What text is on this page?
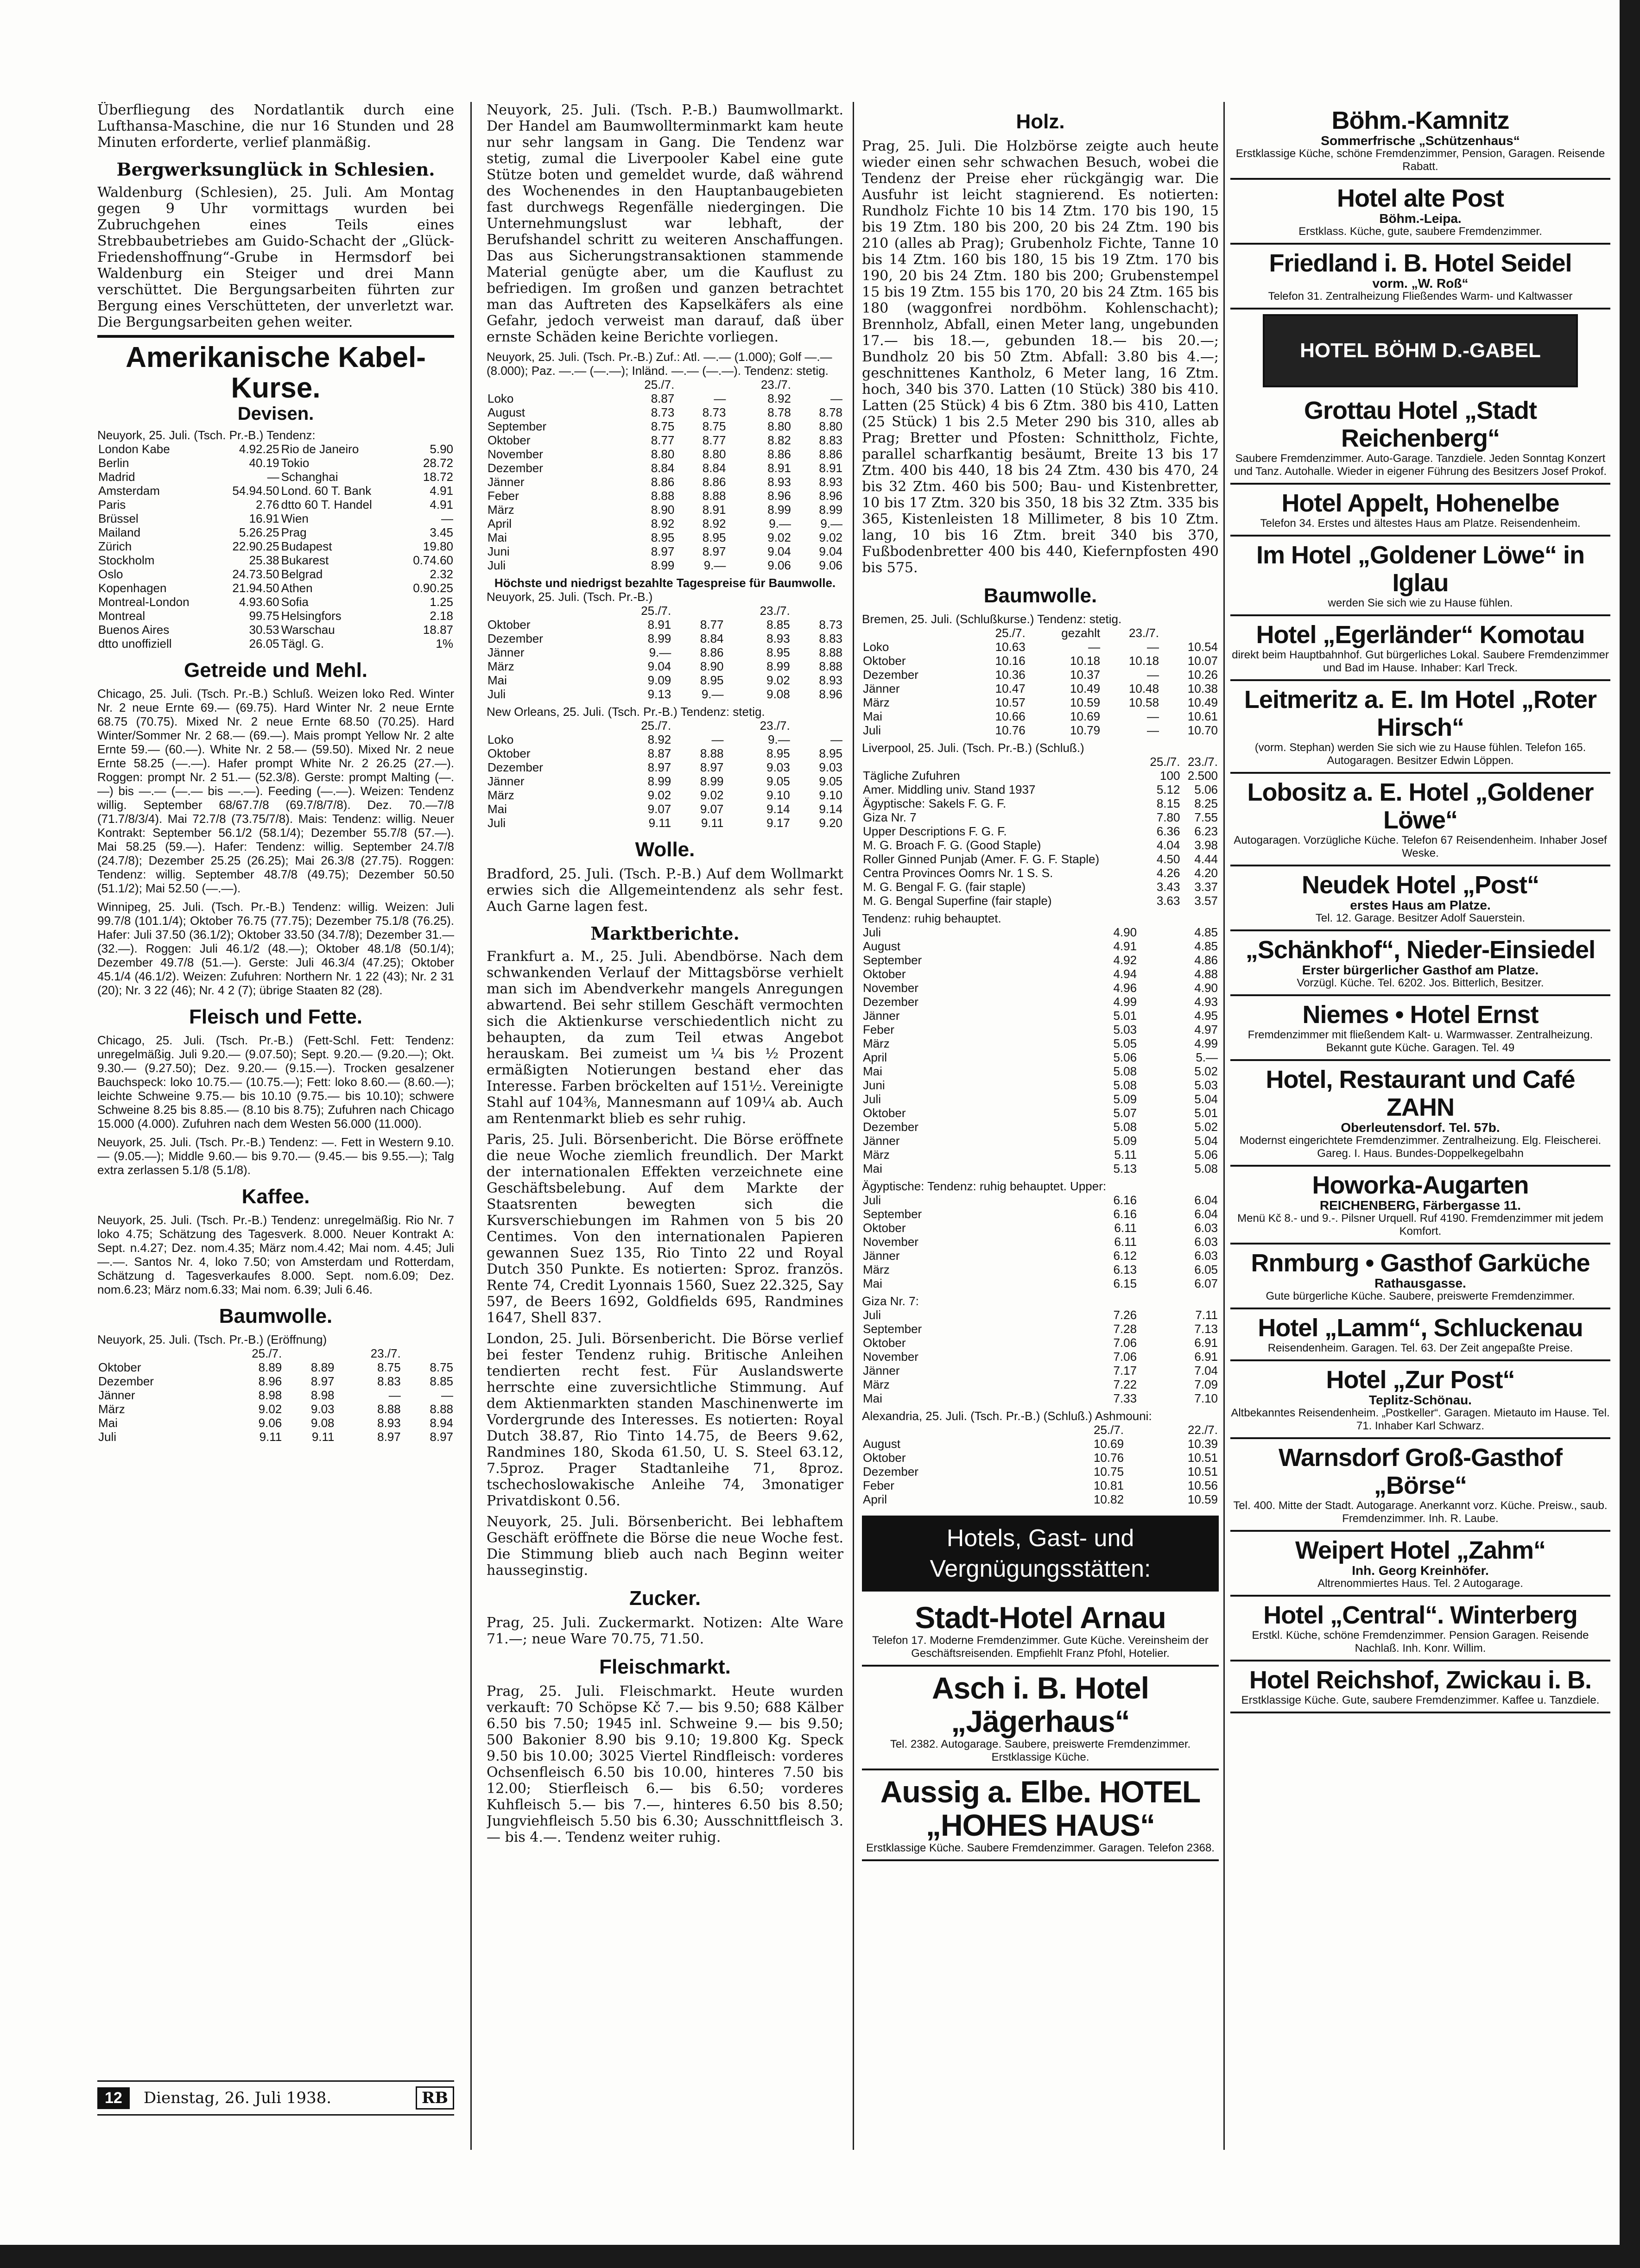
Überfliegung des Nordatlantik durch eine Lufthansa-Maschine, die nur 16 Stunden und 28 Minuten erforderte, verlief planmäßig.

Bergwerksunglück in Schlesien.

Waldenburg (Schlesien), 25. Juli. Am Montag gegen 9 Uhr vormittags wurden bei Zubruchgehen eines Teils eines Strebbaubetriebes am Guido-Schacht der „Glück-Friedenshoffnung“-Grube in Hermsdorf bei Waldenburg ein Steiger und drei Mann verschüttet. Die Bergungsarbeiten führten zur Bergung eines Verschütteten, der unverletzt war. Die Bergungsarbeiten gehen weiter.

Amerikanische Kabel-Kurse.
Devisen.
Neuyork, 25. Juli. (Tsch. Pr.-B.) Tendenz:
London Kabe	4.92.25	Rio de Janeiro	5.90
Berlin	40.19	Tokio	28.72
Madrid	—	Schanghai	18.72
Amsterdam	54.94.50	Lond. 60 T. Bank	4.91
Paris	2.76	dtto 60 T. Handel	4.91
Brüssel	16.91	Wien	—
Mailand	5.26.25	Prag	3.45
Zürich	22.90.25	Budapest	19.80
Stockholm	25.38	Bukarest	0.74.60
Oslo	24.73.50	Belgrad	2.32
Kopenhagen	21.94.50	Athen	0.90.25
Montreal-London	4.93.60	Sofia	1.25
Montreal	99.75	Helsingfors	2.18
Buenos Aires	30.53	Warschau	18.87
dtto unoffiziell	26.05	Tägl. G.	1%
Getreide und Mehl.

Chicago, 25. Juli. (Tsch. Pr.-B.) Schluß. Weizen loko Red. Winter Nr. 2 neue Ernte 69.— (69.75). Hard Winter Nr. 2 neue Ernte 68.75 (70.75). Mixed Nr. 2 neue Ernte 68.50 (70.25). Hard Winter/Sommer Nr. 2 68.— (69.—). Mais prompt Yellow Nr. 2 alte Ernte 59.— (60.—). White Nr. 2 58.— (59.50). Mixed Nr. 2 neue Ernte 58.25 (—.—). Hafer prompt White Nr. 2 26.25 (27.—). Roggen: prompt Nr. 2 51.— (52.3/8). Gerste: prompt Malting (—.—) bis —.— (—.— bis —.—). Feeding (—.—). Weizen: Tendenz willig. September 68/67.7/8 (69.7/8/7/8). Dez. 70.—7/8 (71.7/8/3/4). Mai 72.7/8 (73.75/7/8). Mais: Tendenz: willig. Neuer Kontrakt: September 56.1/2 (58.1/4); Dezember 55.7/8 (57.—). Mai 58.25 (59.—). Hafer: Tendenz: willig. September 24.7/8 (24.7/8); Dezember 25.25 (26.25); Mai 26.3/8 (27.75). Roggen: Tendenz: willig. September 48.7/8 (49.75); Dezember 50.50 (51.1/2); Mai 52.50 (—.—).

Winnipeg, 25. Juli. (Tsch. Pr.-B.) Tendenz: willig. Weizen: Juli 99.7/8 (101.1/4); Oktober 76.75 (77.75); Dezember 75.1/8 (76.25). Hafer: Juli 37.50 (36.1/2); Oktober 33.50 (34.7/8); Dezember 31.— (32.—). Roggen: Juli 46.1/2 (48.—); Oktober 48.1/8 (50.1/4); Dezember 49.7/8 (51.—). Gerste: Juli 46.3/4 (47.25); Oktober 45.1/4 (46.1/2). Weizen: Zufuhren: Northern Nr. 1 22 (43); Nr. 2 31 (20); Nr. 3 22 (46); Nr. 4 2 (7); übrige Staaten 82 (28).

Fleisch und Fette.

Chicago, 25. Juli. (Tsch. Pr.-B.) (Fett-Schl. Fett: Tendenz: unregelmäßig. Juli 9.20.— (9.07.50); Sept. 9.20.— (9.20.—); Okt. 9.30.— (9.27.50); Dez. 9.20.— (9.15.—). Trocken gesalzener Bauchspeck: loko 10.75.— (10.75.—); Fett: loko 8.60.— (8.60.—); leichte Schweine 9.75.— bis 10.10 (9.75.— bis 10.10); schwere Schweine 8.25 bis 8.85.— (8.10 bis 8.75); Zufuhren nach Chicago 15.000 (4.000). Zufuhren nach dem Westen 56.000 (11.000).

Neuyork, 25. Juli. (Tsch. Pr.-B.) Tendenz: —. Fett in Western 9.10.— (9.05.—); Middle 9.60.— bis 9.70.— (9.45.— bis 9.55.—); Talg extra zerlassen 5.1/8 (5.1/8).

Kaffee.

Neuyork, 25. Juli. (Tsch. Pr.-B.) Tendenz: unregelmäßig. Rio Nr. 7 loko 4.75; Schätzung des Tagesverk. 8.000. Neuer Kontrakt A: Sept. n.4.27; Dez. nom.4.35; März nom.4.42; Mai nom. 4.45; Juli —.—. Santos Nr. 4, loko 7.50; von Amsterdam und Rotterdam, Schätzung d. Tagesverkaufes 8.000. Sept. nom.6.09; Dez. nom.6.23; März nom.6.33; Mai nom. 6.39; Juli 6.46.

Baumwolle.
Neuyork, 25. Juli. (Tsch. Pr.-B.) (Eröffnung)
	25./7.		23./7.	
Oktober	8.89	8.89	8.75	8.75
Dezember	8.96	8.97	8.83	8.85
Jänner	8.98	8.98	—	—
März	9.02	9.03	8.88	8.88
Mai	9.06	9.08	8.93	8.94
Juli	9.11	9.11	8.97	8.97

Neuyork, 25. Juli. (Tsch. P.-B.) Baumwollmarkt. Der Handel am Baumwollterminmarkt kam heute nur sehr langsam in Gang. Die Tendenz war stetig, zumal die Liverpooler Kabel eine gute Stütze boten und gemeldet wurde, daß während des Wochenendes in den Hauptanbaugebieten fast durchwegs Regenfälle niedergingen. Die Unternehmungslust war lebhaft, der Berufshandel schritt zu weiteren Anschaffungen. Das aus Sicherungstransaktionen stammende Material genügte aber, um die Kauflust zu befriedigen. Im großen und ganzen betrachtet man das Auftreten des Kapselkäfers als eine Gefahr, jedoch verweist man darauf, daß über ernste Schäden keine Berichte vorliegen.

Neuyork, 25. Juli. (Tsch. Pr.-B.) Zuf.: Atl. —.— (1.000); Golf —.— (8.000); Paz. —.— (—.—); Inländ. —.— (—.—). Tendenz: stetig.
	25./7.		23./7.	
Loko	8.87	—	8.92	—
August	8.73	8.73	8.78	8.78
September	8.75	8.75	8.80	8.80
Oktober	8.77	8.77	8.82	8.83
November	8.80	8.80	8.86	8.86
Dezember	8.84	8.84	8.91	8.91
Jänner	8.86	8.86	8.93	8.93
Feber	8.88	8.88	8.96	8.96
März	8.90	8.91	8.99	8.99
April	8.92	8.92	9.—	9.—
Mai	8.95	8.95	9.02	9.02
Juni	8.97	8.97	9.04	9.04
Juli	8.99	9.—	9.06	9.06
Höchste und niedrigst bezahlte Tagespreise für Baumwolle.
Neuyork, 25. Juli. (Tsch. Pr.-B.)
	25./7.		23./7.	
Oktober	8.91	8.77	8.85	8.73
Dezember	8.99	8.84	8.93	8.83
Jänner	9.—	8.86	8.95	8.88
März	9.04	8.90	8.99	8.88
Mai	9.09	8.95	9.02	8.93
Juli	9.13	9.—	9.08	8.96
New Orleans, 25. Juli. (Tsch. Pr.-B.) Tendenz: stetig.
	25./7.		23./7.	
Loko	8.92	—	9.—	—
Oktober	8.87	8.88	8.95	8.95
Dezember	8.97	8.97	9.03	9.03
Jänner	8.99	8.99	9.05	9.05
März	9.02	9.02	9.10	9.10
Mai	9.07	9.07	9.14	9.14
Juli	9.11	9.11	9.17	9.20
Wolle.

Bradford, 25. Juli. (Tsch. P.-B.) Auf dem Wollmarkt erwies sich die Allgemeintendenz als sehr fest. Auch Garne lagen fest.

Marktberichte.

Frankfurt a. M., 25. Juli. Abendbörse. Nach dem schwankenden Verlauf der Mittagsbörse verhielt man sich im Abendverkehr mangels Anregungen abwartend. Bei sehr stillem Geschäft vermochten sich die Aktienkurse verschiedentlich nicht zu behaupten, da zum Teil etwas Angebot herauskam. Bei zumeist um ¼ bis ½ Prozent ermäßigten Notierungen bestand eher das Interesse. Farben bröckelten auf 151½. Vereinigte Stahl auf 104⅜, Mannesmann auf 109¼ ab. Auch am Rentenmarkt blieb es sehr ruhig.

Paris, 25. Juli. Börsenbericht. Die Börse eröffnete die neue Woche ziemlich freundlich. Der Markt der internationalen Effekten verzeichnete eine Geschäftsbelebung. Auf dem Markte der Staatsrenten bewegten sich die Kursverschiebungen im Rahmen von 5 bis 20 Centimes. Von den internationalen Papieren gewannen Suez 135, Rio Tinto 22 und Royal Dutch 350 Punkte. Es notierten: Sproz. französ. Rente 74, Credit Lyonnais 1560, Suez 22.325, Say 597, de Beers 1692, Goldfields 695, Randmines 1647, Shell 837.

London, 25. Juli. Börsenbericht. Die Börse verlief bei fester Tendenz ruhig. Britische Anleihen tendierten recht fest. Für Auslandswerte herrschte eine zuversichtliche Stimmung. Auf dem Aktienmarkten standen Maschinenwerte im Vordergrunde des Interesses. Es notierten: Royal Dutch 38.87, Rio Tinto 14.75, de Beers 9.62, Randmines 180, Skoda 61.50, U. S. Steel 63.12, 7.5proz. Prager Stadtanleihe 71, 8proz. tschechoslowakische Anleihe 74, 3monatiger Privatdiskont 0.56.

Neuyork, 25. Juli. Börsenbericht. Bei lebhaftem Geschäft eröffnete die Börse die neue Woche fest. Die Stimmung blieb auch nach Beginn weiter hausseginstig.

Zucker.

Prag, 25. Juli. Zuckermarkt. Notizen: Alte Ware 71.—; neue Ware 70.75, 71.50.

Fleischmarkt.

Prag, 25. Juli. Fleischmarkt. Heute wurden verkauft: 70 Schöpse Kč 7.— bis 9.50; 688 Kälber 6.50 bis 7.50; 1945 inl. Schweine 9.— bis 9.50; 500 Bakonier 8.90 bis 9.10; 19.800 Kg. Speck 9.50 bis 10.00; 3025 Viertel Rindfleisch: vorderes Ochsenfleisch 6.50 bis 10.00, hinteres 7.50 bis 12.00; Stierfleisch 6.— bis 6.50; vorderes Kuhfleisch 5.— bis 7.—, hinteres 6.50 bis 8.50; Jungviehfleisch 5.50 bis 6.30; Ausschnittfleisch 3.— bis 4.—. Tendenz weiter ruhig.

Holz.

Prag, 25. Juli. Die Holzbörse zeigte auch heute wieder einen sehr schwachen Besuch, wobei die Tendenz der Preise eher rückgängig war. Die Ausfuhr ist leicht stagnierend. Es notierten: Rundholz Fichte 10 bis 14 Ztm. 170 bis 190, 15 bis 19 Ztm. 180 bis 200, 20 bis 24 Ztm. 190 bis 210 (alles ab Prag); Grubenholz Fichte, Tanne 10 bis 14 Ztm. 160 bis 180, 15 bis 19 Ztm. 170 bis 190, 20 bis 24 Ztm. 180 bis 200; Grubenstempel 15 bis 19 Ztm. 155 bis 170, 20 bis 24 Ztm. 165 bis 180 (waggonfrei nordböhm. Kohlenschacht); Brennholz, Abfall, einen Meter lang, ungebunden 17.— bis 18.—, gebunden 18.— bis 20.—; Bundholz 20 bis 50 Ztm. Abfall: 3.80 bis 4.—; geschnittenes Kantholz, 6 Meter lang, 16 Ztm. hoch, 340 bis 370. Latten (10 Stück) 380 bis 410. Latten (25 Stück) 4 bis 6 Ztm. 380 bis 410, Latten (25 Stück) 1 bis 2.5 Meter 290 bis 310, alles ab Prag; Bretter und Pfosten: Schnittholz, Fichte, parallel scharfkantig besäumt, Breite 13 bis 17 Ztm. 400 bis 440, 18 bis 24 Ztm. 430 bis 470, 24 bis 32 Ztm. 460 bis 500; Bau- und Kistenbretter, 10 bis 17 Ztm. 320 bis 350, 18 bis 32 Ztm. 335 bis 365, Kistenleisten 18 Millimeter, 8 bis 10 Ztm. lang, 10 bis 16 Ztm. breit 340 bis 370, Fußbodenbretter 400 bis 440, Kiefernpfosten 490 bis 575.

Baumwolle.
Bremen, 25. Juli. (Schlußkurse.) Tendenz: stetig.
	25./7.	gezahlt	23./7.	
Loko	10.63	—	—	10.54
Oktober	10.16	10.18	10.18	10.07
Dezember	10.36	10.37	—	10.26
Jänner	10.47	10.49	10.48	10.38
März	10.57	10.59	10.58	10.49
Mai	10.66	10.69	—	10.61
Juli	10.76	10.79	—	10.70
Liverpool, 25. Juli. (Tsch. Pr.-B.) (Schluß.)
	25./7.	23./7.
Tägliche Zufuhren	100	2.500
Amer. Middling univ. Stand 1937	5.12	5.06
Ägyptische: Sakels F. G. F.	8.15	8.25
Giza Nr. 7	7.80	7.55
Upper Descriptions F. G. F.	6.36	6.23
M. G. Broach F. G. (Good Staple)	4.04	3.98
Roller Ginned Punjab (Amer. F. G. F. Staple)	4.50	4.44
Centra Provinces Oomrs Nr. 1 S. S.	4.26	4.20
M. G. Bengal F. G. (fair staple)	3.43	3.37
M. G. Bengal Superfine (fair staple)	3.63	3.57
Tendenz: ruhig behauptet.
Juli	4.90	4.85
August	4.91	4.85
September	4.92	4.86
Oktober	4.94	4.88
November	4.96	4.90
Dezember	4.99	4.93
Jänner	5.01	4.95
Feber	5.03	4.97
März	5.05	4.99
April	5.06	5.—
Mai	5.08	5.02
Juni	5.08	5.03
Juli	5.09	5.04
Oktober	5.07	5.01
Dezember	5.08	5.02
Jänner	5.09	5.04
März	5.11	5.06
Mai	5.13	5.08
Ägyptische: Tendenz: ruhig behauptet. Upper:
Juli	6.16	6.04
September	6.16	6.04
Oktober	6.11	6.03
November	6.11	6.03
Jänner	6.12	6.03
März	6.13	6.05
Mai	6.15	6.07
Giza Nr. 7:
Juli	7.26	7.11
September	7.28	7.13
Oktober	7.06	6.91
November	7.06	6.91
Jänner	7.17	7.04
März	7.22	7.09
Mai	7.33	7.10
Alexandria, 25. Juli. (Tsch. Pr.-B.) (Schluß.) Ashmouni:
	25./7.	22./7.
August	10.69	10.39
Oktober	10.76	10.51
Dezember	10.75	10.51
Feber	10.81	10.56
April	10.82	10.59
Hotels, Gast- und Vergnügungsstätten:
Stadt-Hotel Arnau
Telefon 17. Moderne Fremdenzimmer. Gute Küche. Vereinsheim der Geschäftsreisenden. Empfiehlt Franz Pfohl, Hotelier.
Asch i. B. Hotel „Jägerhaus“
Tel. 2382. Autogarage. Saubere, preiswerte Fremdenzimmer. Erstklassige Küche.
Aussig a. Elbe. HOTEL „HOHES HAUS“
Erstklassige Küche. Saubere Fremdenzimmer. Garagen. Telefon 2368.
Böhm.-Kamnitz
Sommerfrische „Schützenhaus“
Erstklassige Küche, schöne Fremdenzimmer, Pension, Garagen. Reisende Rabatt.
Hotel alte Post
Böhm.-Leipa.
Erstklass. Küche, gute, saubere Fremdenzimmer.
Friedland i. B. Hotel Seidel
vorm. „W. Roß“
Telefon 31. Zentralheizung Fließendes Warm- und Kaltwasser
HOTEL BÖHM D.-GABEL
Grottau Hotel „Stadt Reichenberg“
Saubere Fremdenzimmer. Auto-Garage. Tanzdiele. Jeden Sonntag Konzert und Tanz. Autohalle. Wieder in eigener Führung des Besitzers Josef Prokof.
Hotel Appelt, Hohenelbe
Telefon 34. Erstes und ältestes Haus am Platze. Reisendenheim.
Im Hotel „Goldener Löwe“ in Iglau
werden Sie sich wie zu Hause fühlen.
Hotel „Egerländer“ Komotau
direkt beim Hauptbahnhof. Gut bürgerliches Lokal. Saubere Fremdenzimmer und Bad im Hause. Inhaber: Karl Treck.
Leitmeritz a. E. Im Hotel „Roter Hirsch“
(vorm. Stephan) werden Sie sich wie zu Hause fühlen. Telefon 165. Autogaragen. Besitzer Edwin Löppen.
Lobositz a. E. Hotel „Goldener Löwe“
Autogaragen. Vorzügliche Küche. Telefon 67 Reisendenheim. Inhaber Josef Weske.
Neudek Hotel „Post“
erstes Haus am Platze.
Tel. 12. Garage. Besitzer Adolf Sauerstein.
„Schänkhof“, Nieder-Einsiedel
Erster bürgerlicher Gasthof am Platze.
Vorzügl. Küche. Tel. 6202. Jos. Bitterlich, Besitzer.
Niemes • Hotel Ernst
Fremdenzimmer mit fließendem Kalt- u. Warmwasser. Zentralheizung. Bekannt gute Küche. Garagen. Tel. 49
Hotel, Restaurant und Café ZAHN
Oberleutensdorf. Tel. 57b.
Modernst eingerichtete Fremdenzimmer. Zentralheizung. Elg. Fleischerei. Gareg. I. Haus. Bundes-Doppelkegelbahn
Howorka-Augarten
REICHENBERG, Färbergasse 11.
Menü Kč 8.- und 9.-. Pilsner Urquell. Ruf 4190. Fremdenzimmer mit jedem Komfort.
Rnmburg • Gasthof Garküche
Rathausgasse.
Gute bürgerliche Küche. Saubere, preiswerte Fremdenzimmer.
Hotel „Lamm“, Schluckenau
Reisendenheim. Garagen. Tel. 63. Der Zeit angepaßte Preise.
Hotel „Zur Post“
Teplitz-Schönau.
Altbekanntes Reisendenheim. „Postkeller“. Garagen. Mietauto im Hause. Tel. 71. Inhaber Karl Schwarz.
Warnsdorf Groß-Gasthof „Börse“
Tel. 400. Mitte der Stadt. Autogarage. Anerkannt vorz. Küche. Preisw., saub. Fremdenzimmer. Inh. R. Laube.
Weipert Hotel „Zahm“
Inh. Georg Kreinhöfer.
Altrenommiertes Haus. Tel. 2 Autogarage.
Hotel „Central“. Winterberg
Erstkl. Küche, schöne Fremdenzimmer. Pension Garagen. Reisende Nachlaß. Inh. Konr. Willim.
Hotel Reichshof, Zwickau i. B.
Erstklassige Küche. Gute, saubere Fremdenzimmer. Kaffee u. Tanzdiele.
12	Dienstag, 26. Juli 1938.	RB
